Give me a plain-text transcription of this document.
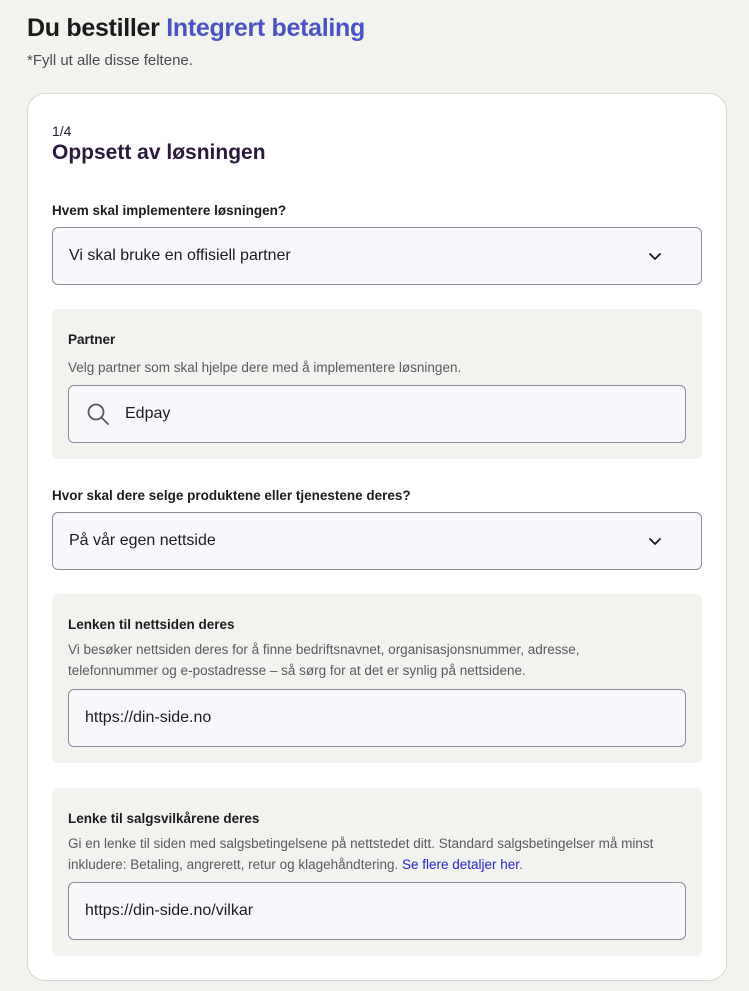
Du bestiller Integrert betaling

*Fyll ut alle disse feltene.

1/4
Oppsett av løsningen
Hvem skal implementere løsningen?
Vi skal bruke en offisiell partner
Partner
Velg partner som skal hjelpe dere med å implementere løsningen.
Edpay
Hvor skal dere selge produktene eller tjenestene deres?
På vår egen nettside
Lenken til nettsiden deres
Vi besøker nettsiden deres for å finne bedriftsnavnet, organisasjonsnummer, adresse, telefonnummer og e-postadresse – så sørg for at det er synlig på nettsidene.
https://din-side.no
Lenke til salgsvilkårene deres
Gi en lenke til siden med salgsbetingelsene på nettstedet ditt. Standard salgsbetingelser må minst inkludere: Betaling, angrerett, retur og klagehåndtering. Se flere detaljer her.
https://din-side.no/vilkar
